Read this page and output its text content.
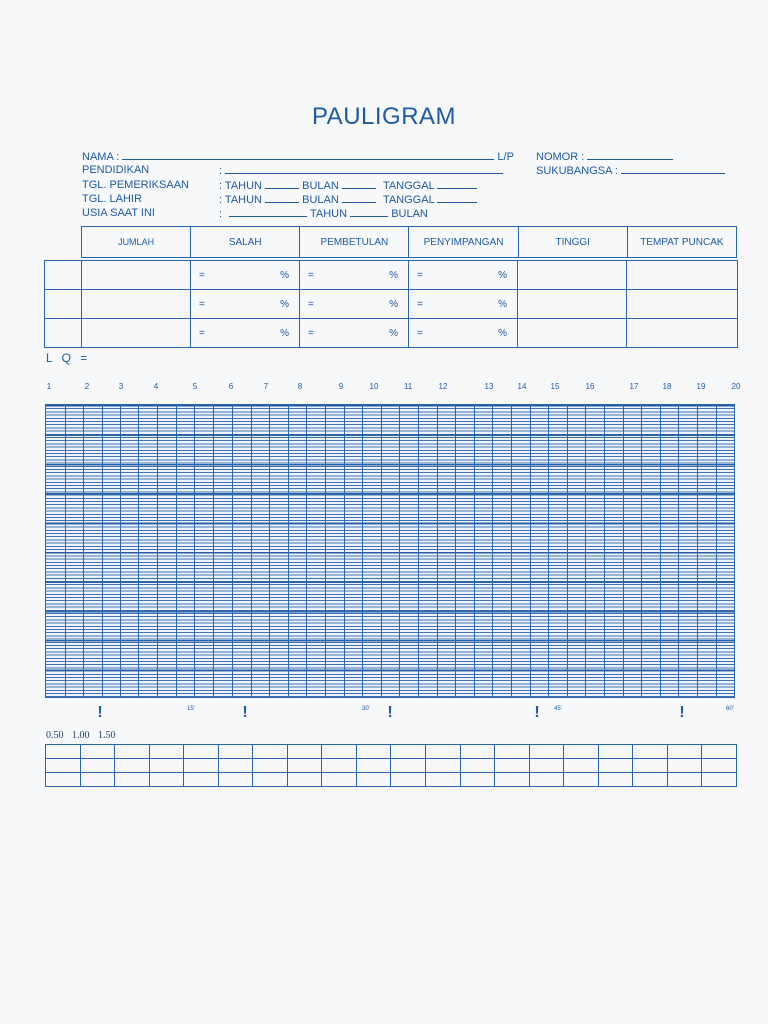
PAULIGRAM
NAMA :	L/P NOMOR :
PENDIDIKAN	:	SUKUBANGSA :
TGL. PEMERIKSAAN	: TAHUN	BULAN	TANGGAL
TGL. LAHIR	: TAHUN	BULAN	TANGGAL
USIA SAAT INI	:	TAHUN	BULAN
JUMLAH	SALAH	PEMBETULAN	PENYIMPANGAN	TINGGI	TEMPAT PUNCAK

		= %	= %	= %		

		= %	= %	= %		

		= %	= %	= %		

L Q =
1	2	3	4	5	6	7	8	9	10	11	12	13	14	15	16	17	18	19	20
!	15'	!	30' !	! 45'	!	60'
0.50 1.00 1.50
